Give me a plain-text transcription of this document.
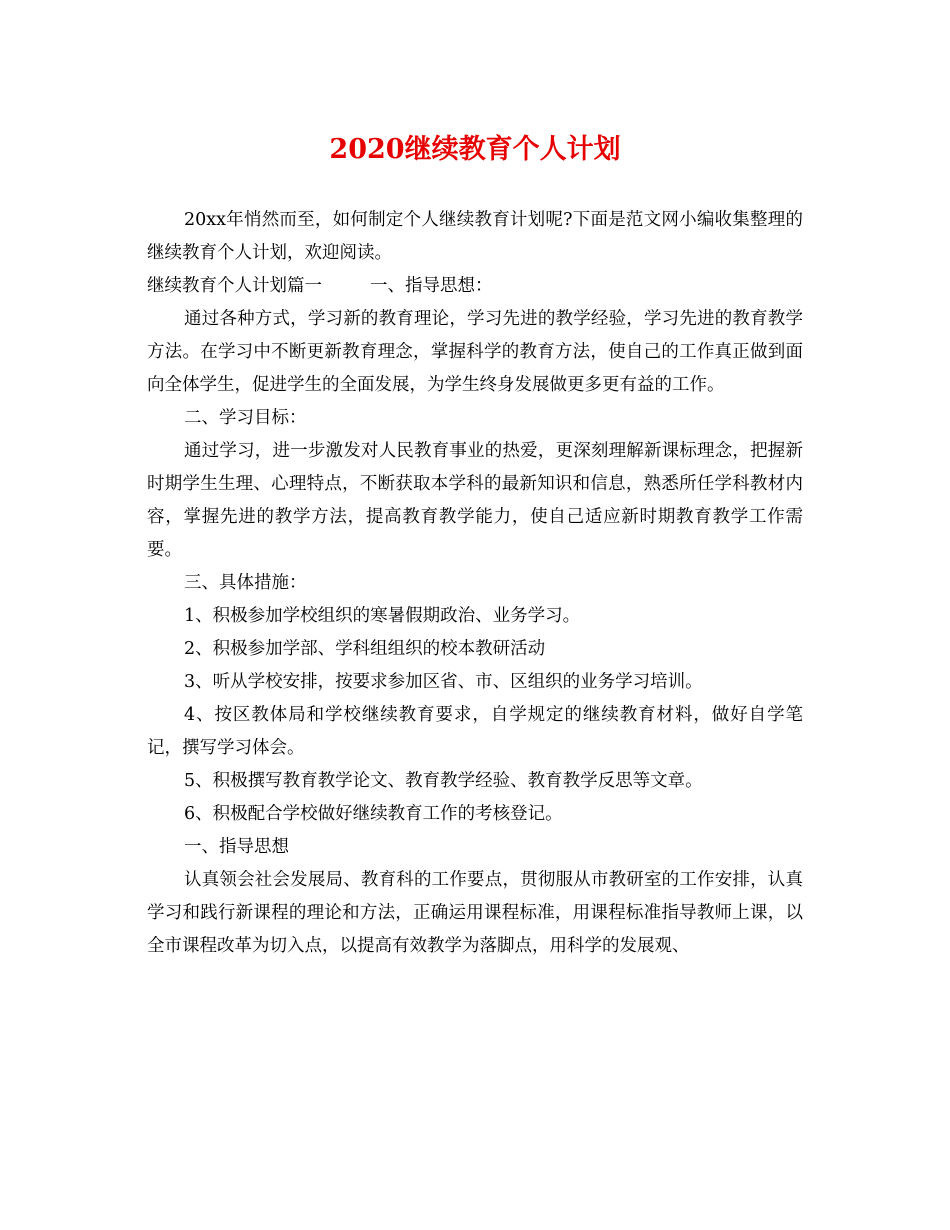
2020继续教育个人计划

20xx年悄然而至，如何制定个人继续教育计划呢?下面是范文网小编收集整理的继续教育个人计划，欢迎阅读。

继续教育个人计划篇一	一、指导思想：

通过各种方式，学习新的教育理论，学习先进的教学经验，学习先进的教育教学方法。在学习中不断更新教育理念，掌握科学的教育方法，使自己的工作真正做到面向全体学生，促进学生的全面发展，为学生终身发展做更多更有益的工作。

二、学习目标：

通过学习，进一步激发对人民教育事业的热爱，更深刻理解新课标理念，把握新时期学生生理、心理特点，不断获取本学科的最新知识和信息，熟悉所任学科教材内容，掌握先进的教学方法，提高教育教学能力，使自己适应新时期教育教学工作需要。

三、具体措施：

1、积极参加学校组织的寒暑假期政治、业务学习。

2、积极参加学部、学科组组织的校本教研活动

3、听从学校安排，按要求参加区省、市、区组织的业务学习培训。

4、按区教体局和学校继续教育要求，自学规定的继续教育材料，做好自学笔记，撰写学习体会。

5、积极撰写教育教学论文、教育教学经验、教育教学反思等文章。

6、积极配合学校做好继续教育工作的考核登记。

一、指导思想

认真领会社会发展局、教育科的工作要点，贯彻服从市教研室的工作安排，认真学习和践行新课程的理论和方法，正确运用课程标准，用课程标准指导教师上课，以全市课程改革为切入点，以提高有效教学为落脚点，用科学的发展观、
